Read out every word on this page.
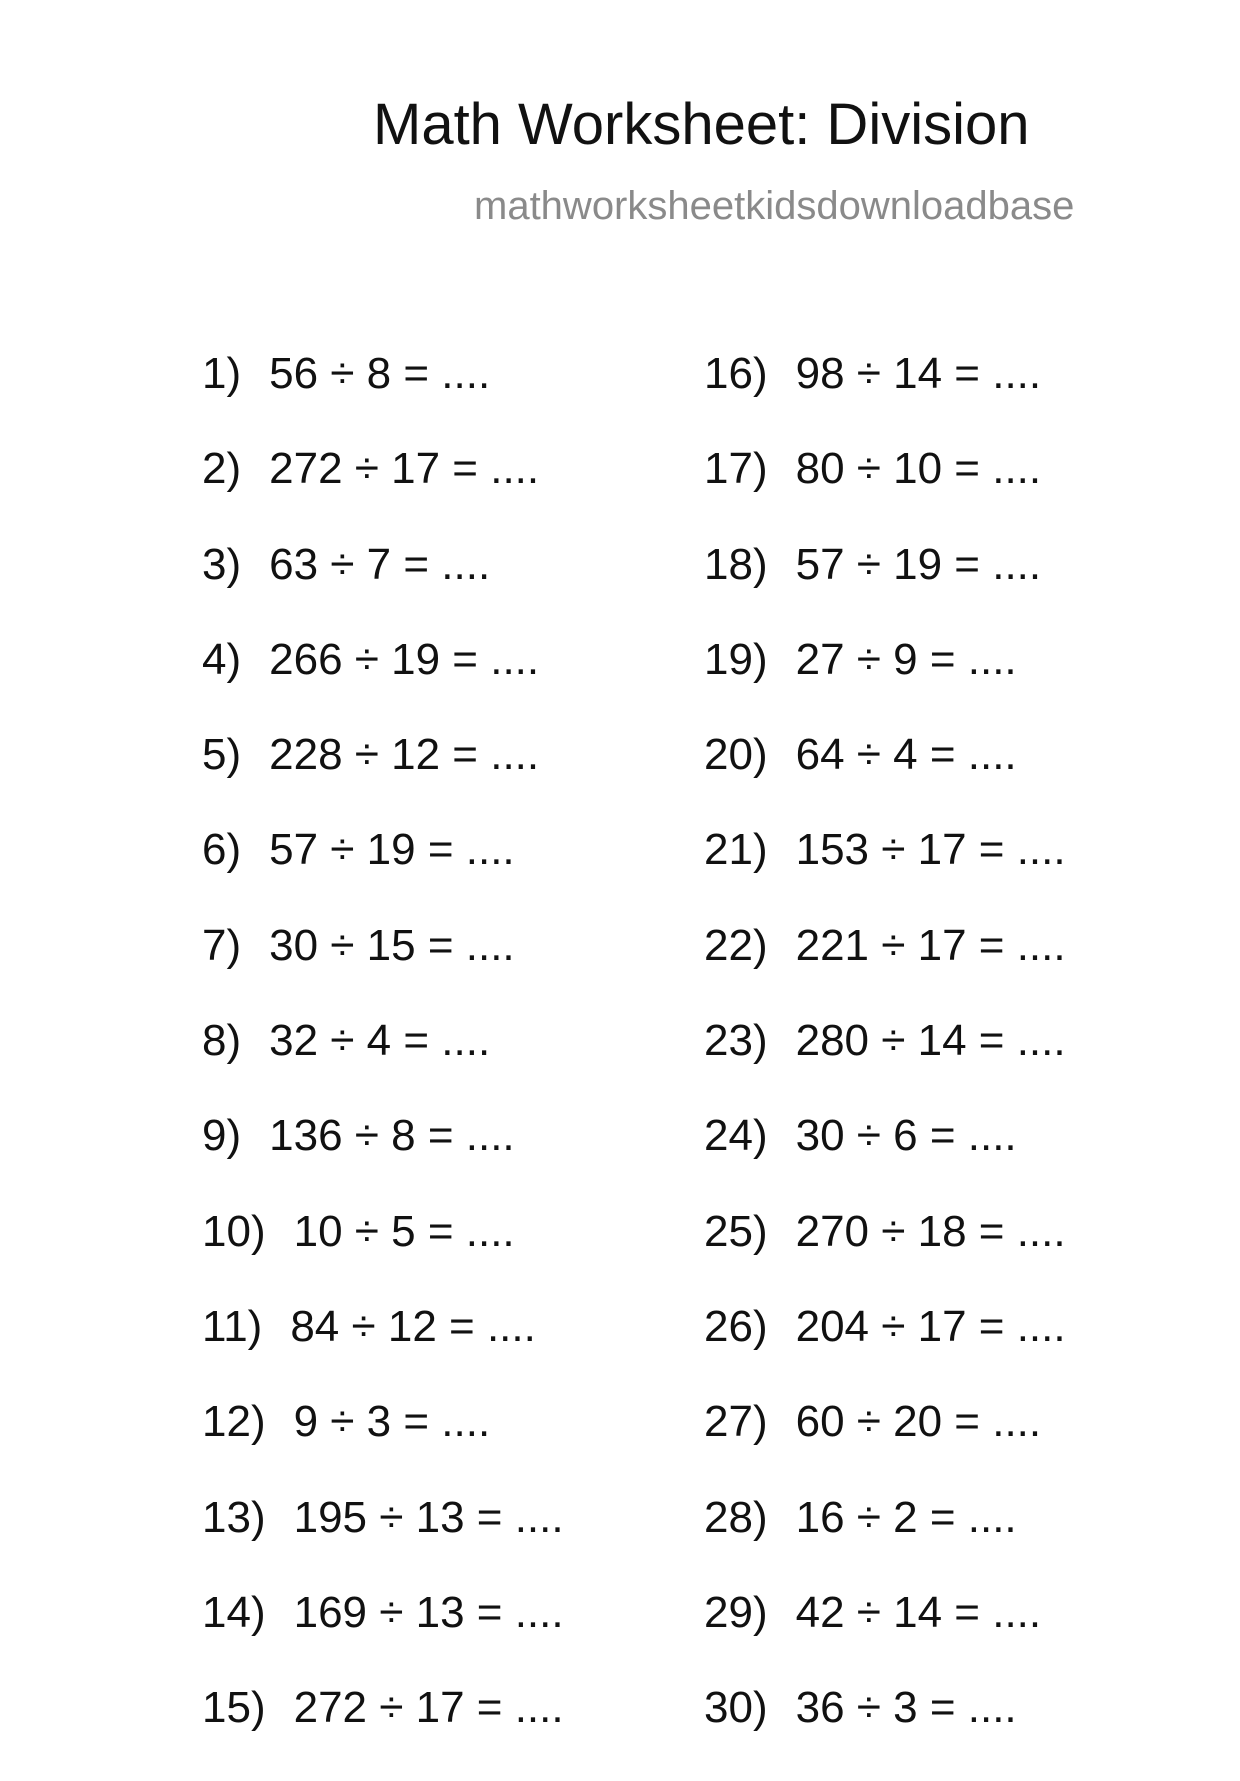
Math Worksheet: Division
mathworksheetkidsdownloadbase
1) 56 ÷ 8 = ....
2) 272 ÷ 17 = ....
3) 63 ÷ 7 = ....
4) 266 ÷ 19 = ....
5) 228 ÷ 12 = ....
6) 57 ÷ 19 = ....
7) 30 ÷ 15 = ....
8) 32 ÷ 4 = ....
9) 136 ÷ 8 = ....
10) 10 ÷ 5 = ....
11) 84 ÷ 12 = ....
12) 9 ÷ 3 = ....
13) 195 ÷ 13 = ....
14) 169 ÷ 13 = ....
15) 272 ÷ 17 = ....
16) 98 ÷ 14 = ....
17) 80 ÷ 10 = ....
18) 57 ÷ 19 = ....
19) 27 ÷ 9 = ....
20) 64 ÷ 4 = ....
21) 153 ÷ 17 = ....
22) 221 ÷ 17 = ....
23) 280 ÷ 14 = ....
24) 30 ÷ 6 = ....
25) 270 ÷ 18 = ....
26) 204 ÷ 17 = ....
27) 60 ÷ 20 = ....
28) 16 ÷ 2 = ....
29) 42 ÷ 14 = ....
30) 36 ÷ 3 = ....
